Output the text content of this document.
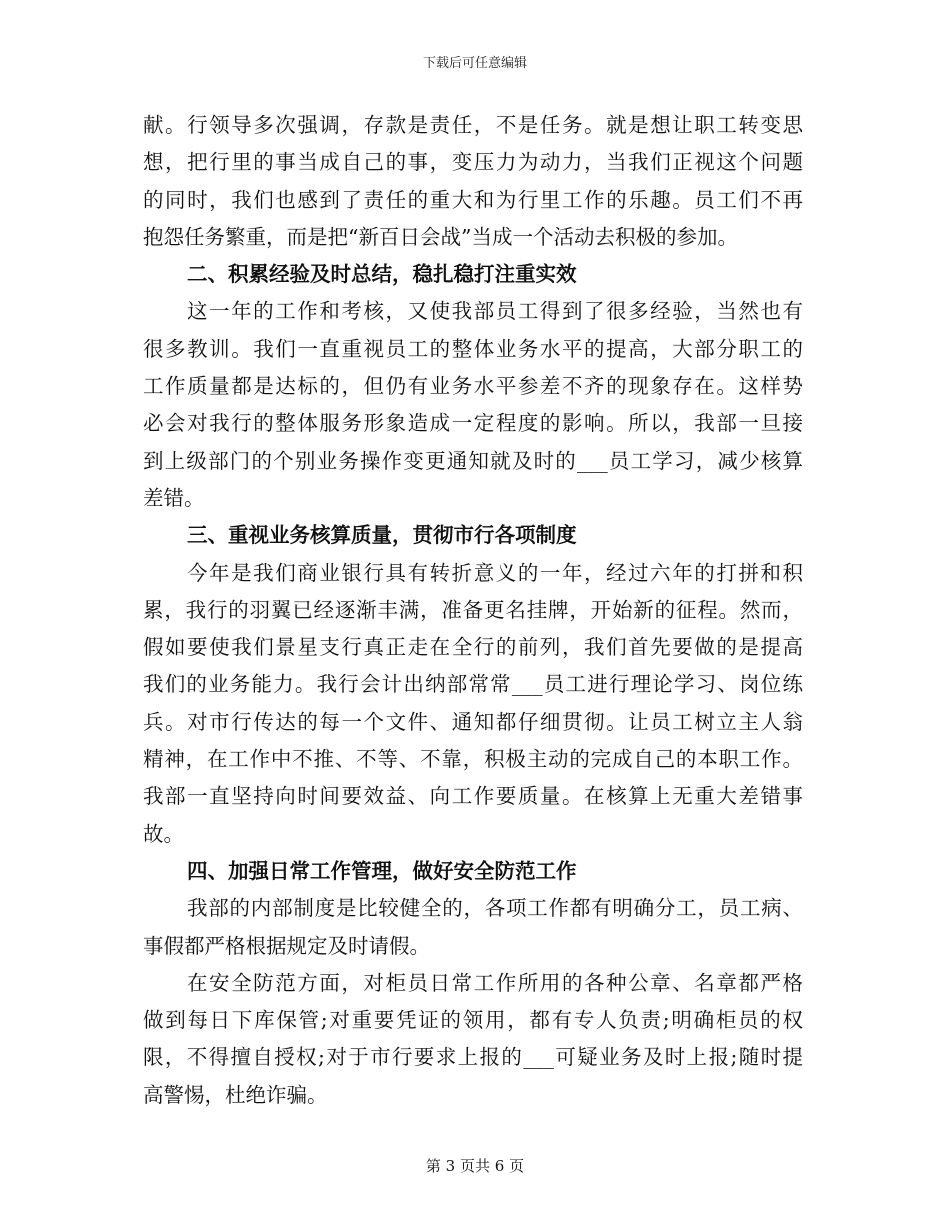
下载后可任意编辑
献。行领导多次强调，存款是责任，不是任务。就是想让职工转变思
想，把行里的事当成自己的事，变压力为动力，当我们正视这个问题
的同时，我们也感到了责任的重大和为行里工作的乐趣。员工们不再
抱怨任务繁重，而是把“新百日会战”当成一个活动去积极的参加。
二、积累经验及时总结，稳扎稳打注重实效
这一年的工作和考核，又使我部员工得到了很多经验，当然也有
很多教训。我们一直重视员工的整体业务水平的提高，大部分职工的
工作质量都是达标的，但仍有业务水平参差不齐的现象存在。这样势
必会对我行的整体服务形象造成一定程度的影响。所以，我部一旦接
到上级部门的个别业务操作变更通知就及时的___员工学习，减少核算
差错。
三、重视业务核算质量，贯彻市行各项制度
今年是我们商业银行具有转折意义的一年，经过六年的打拼和积
累，我行的羽翼已经逐渐丰满，准备更名挂牌，开始新的征程。然而，
假如要使我们景星支行真正走在全行的前列，我们首先要做的是提高
我们的业务能力。我行会计出纳部常常___员工进行理论学习、岗位练
兵。对市行传达的每一个文件、通知都仔细贯彻。让员工树立主人翁
精神，在工作中不推、不等、不靠，积极主动的完成自己的本职工作。
我部一直坚持向时间要效益、向工作要质量。在核算上无重大差错事
故。
四、加强日常工作管理，做好安全防范工作
我部的内部制度是比较健全的，各项工作都有明确分工，员工病、
事假都严格根据规定及时请假。
在安全防范方面，对柜员日常工作所用的各种公章、名章都严格
做到每日下库保管;对重要凭证的领用，都有专人负责;明确柜员的权
限，不得擅自授权;对于市行要求上报的___可疑业务及时上报;随时提
高警惕，杜绝诈骗。
第 3 页共 6 页
